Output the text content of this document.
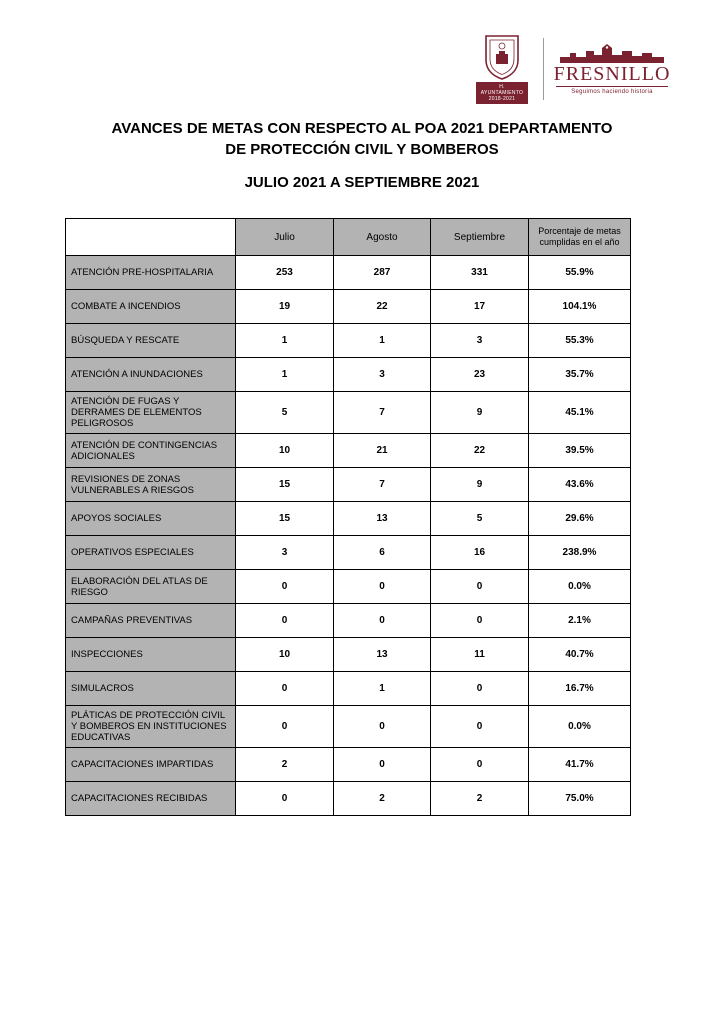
H. AYUNTAMIENTO
2018-2021
FRESNILLO
Seguimos haciendo historia
AVANCES DE METAS CON RESPECTO AL POA 2021 DEPARTAMENTO
DE PROTECCIÓN CIVIL Y BOMBEROS
JULIO 2021 A SEPTIEMBRE 2021
	Julio	Agosto	Septiembre	Porcentaje de metas cumplidas en el año
ATENCIÓN PRE-HOSPITALARIA	253	287	331	55.9%
COMBATE A INCENDIOS	19	22	17	104.1%
BÚSQUEDA Y RESCATE	1	1	3	55.3%
ATENCIÓN A INUNDACIONES	1	3	23	35.7%
ATENCIÓN DE FUGAS Y DERRAMES DE ELEMENTOS PELIGROSOS	5	7	9	45.1%
ATENCIÓN DE CONTINGENCIAS ADICIONALES	10	21	22	39.5%
REVISIONES DE ZONAS VULNERABLES A RIESGOS	15	7	9	43.6%
APOYOS SOCIALES	15	13	5	29.6%
OPERATIVOS ESPECIALES	3	6	16	238.9%
ELABORACIÓN DEL ATLAS DE RIESGO	0	0	0	0.0%
CAMPAÑAS PREVENTIVAS	0	0	0	2.1%
INSPECCIONES	10	13	11	40.7%
SIMULACROS	0	1	0	16.7%
PLÁTICAS DE PROTECCIÓN CIVIL Y BOMBEROS EN INSTITUCIONES EDUCATIVAS	0	0	0	0.0%
CAPACITACIONES IMPARTIDAS	2	0	0	41.7%
CAPACITACIONES RECIBIDAS	0	2	2	75.0%
